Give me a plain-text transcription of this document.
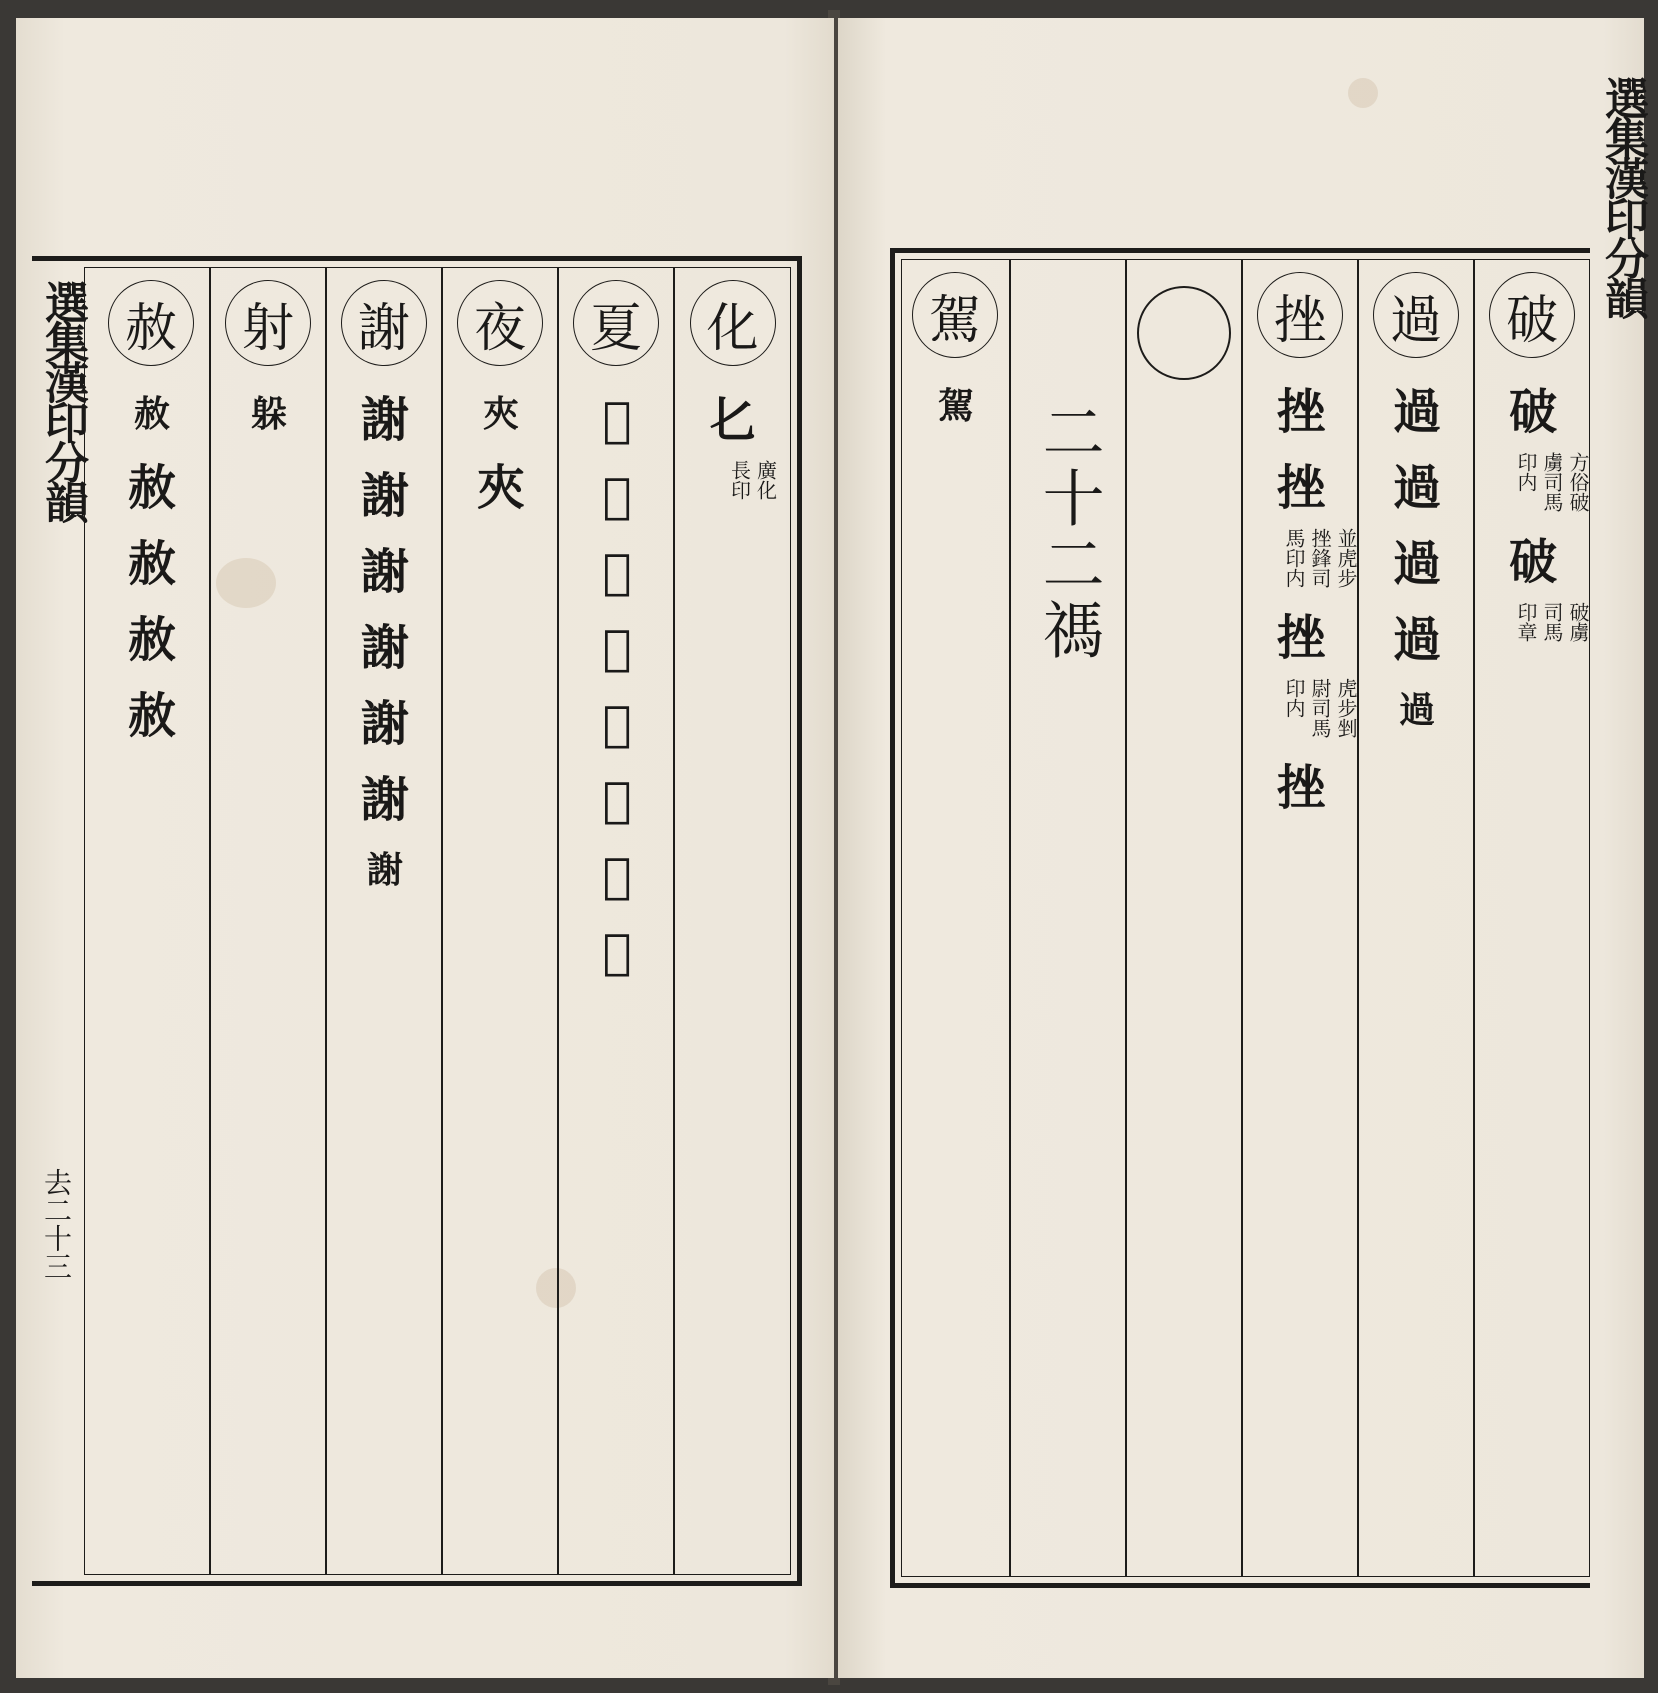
選集漢印分韻
去二十三
化
𠤎
廣化
長印
夏
𡕰
𡕰
𡕰
𡕰
𡕰
𡕰
𡕰
𡕰
夜
夾
夾
謝
謝
謝
謝
謝
謝
謝
謝
射
躲
赦
赦
赦
赦
赦
赦
選集漢印分韻
破
破
方俗破
虜司馬
印内
破
破虜
司馬
印章
過
過
過
過
過
過
挫
挫
挫
並虎步
挫鋒司
馬印内
挫
虎步剉
尉司馬
印内
挫
二十二禡
駕
駕
